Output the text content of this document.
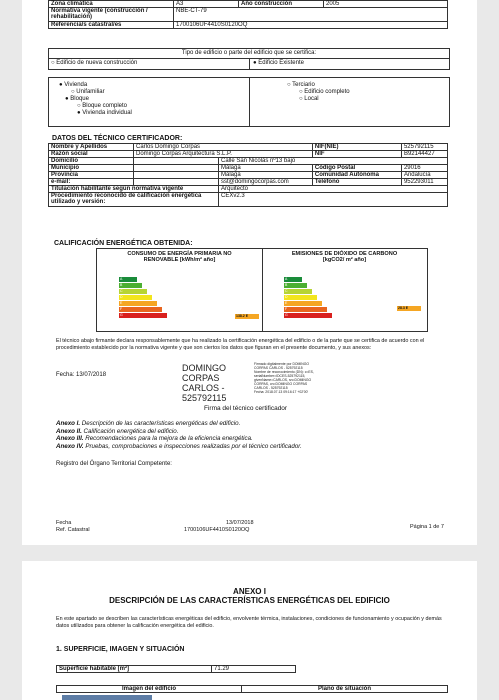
Zona climática	A3	Año construcción	2005
Normativa vigente (construcción / rehabilitación)	NBE-CT-79		
Referencia/s catastral/es	1700106UF4410S0120OQ		
Tipo de edificio o parte del edificio que se certifica:
○ Edificio de nueva construcción	● Edificio Existente
● Vivienda
○ Unifamiliar
● Bloque
○ Bloque completo
● Vivienda individual
○ Terciario
○ Edificio completo
○ Local
DATOS DEL TÉCNICO CERTIFICADOR:
Nombre y Apellidos	Carlos Domingo Corpas		NIF(NIE)	525792115
Razón social	Domingo Corpas Arquitectura S.L.P.		NIF	B92144427
Domicilio		Calle San Nicolás nº13 bajo		
Municipio		Málaga	Código Postal	29016
Provincia		Málaga	Comunidad Autónoma	Andalucía
e-mail:		sst@domingocorpas.com	Teléfono	952293011
Titulación habilitante según normativa vigente		Arquitecto		
Procedimiento reconocido de calificación energética utilizado y versión:		CEXv2.3		
CALIFICACIÓN ENERGÉTICA OBTENIDA:
CONSUMO DE ENERGÍA PRIMARIA NO RENOVABLE [kWh/m² año]
EMISIONES DE DIÓXIDO DE CARBONO [kgCO2/ m² año]
A
B
C
D
E
F
G
A
B
C
D
E
F
G
138.2 E
28.3 E
El técnico abajo firmante declara responsablemente que ha realizado la certificación energética del edificio o de la parte que se certifica de acuerdo con el procedimiento establecido por la normativa vigente y que son ciertos los datos que figuran en el presente documento, y sus anexos:
Fecha: 13/07/2018
DOMINGO CORPAS CARLOS - 525792115
Firmado digitalmente por DOMINGO
CORPAS CARLOS - 525792115
Nombre de reconocimiento (DN): c=ES,
serialNumber=IDCES-525792115,
givenName=CARLOS, sn=DOMINGO
CORPAS, cn=DOMINGO CORPAS
CARLOS - 525792115
Fecha: 2018.07.13 09:16:17 +02'00'
Firma del técnico certificador
Anexo I. Descripción de las características energéticas del edificio.
Anexo II. Calificación energética del edificio.
Anexo III. Recomendaciones para la mejora de la eficiencia energética.
Anexo IV. Pruebas, comprobaciones e inspecciones realizadas por el técnico certificador.
Registro del Órgano Territorial Competente:
Fecha
Ref. Catastral
13/07/2018
1700106UF4410S0120OQ	Página 1 de 7
ANEXO I
DESCRIPCIÓN DE LAS CARACTERÍSTICAS ENERGÉTICAS DEL EDIFICIO
En este apartado se describen las características energéticas del edificio, envolvente térmica, instalaciones, condiciones de funcionamiento y ocupación y demás datos utilizados para obtener la calificación energética del edificio.
1. SUPERFICIE, IMAGEN Y SITUACIÓN
Superficie habitable [m²]	71.29
Imagen del edificio	Plano de situación
